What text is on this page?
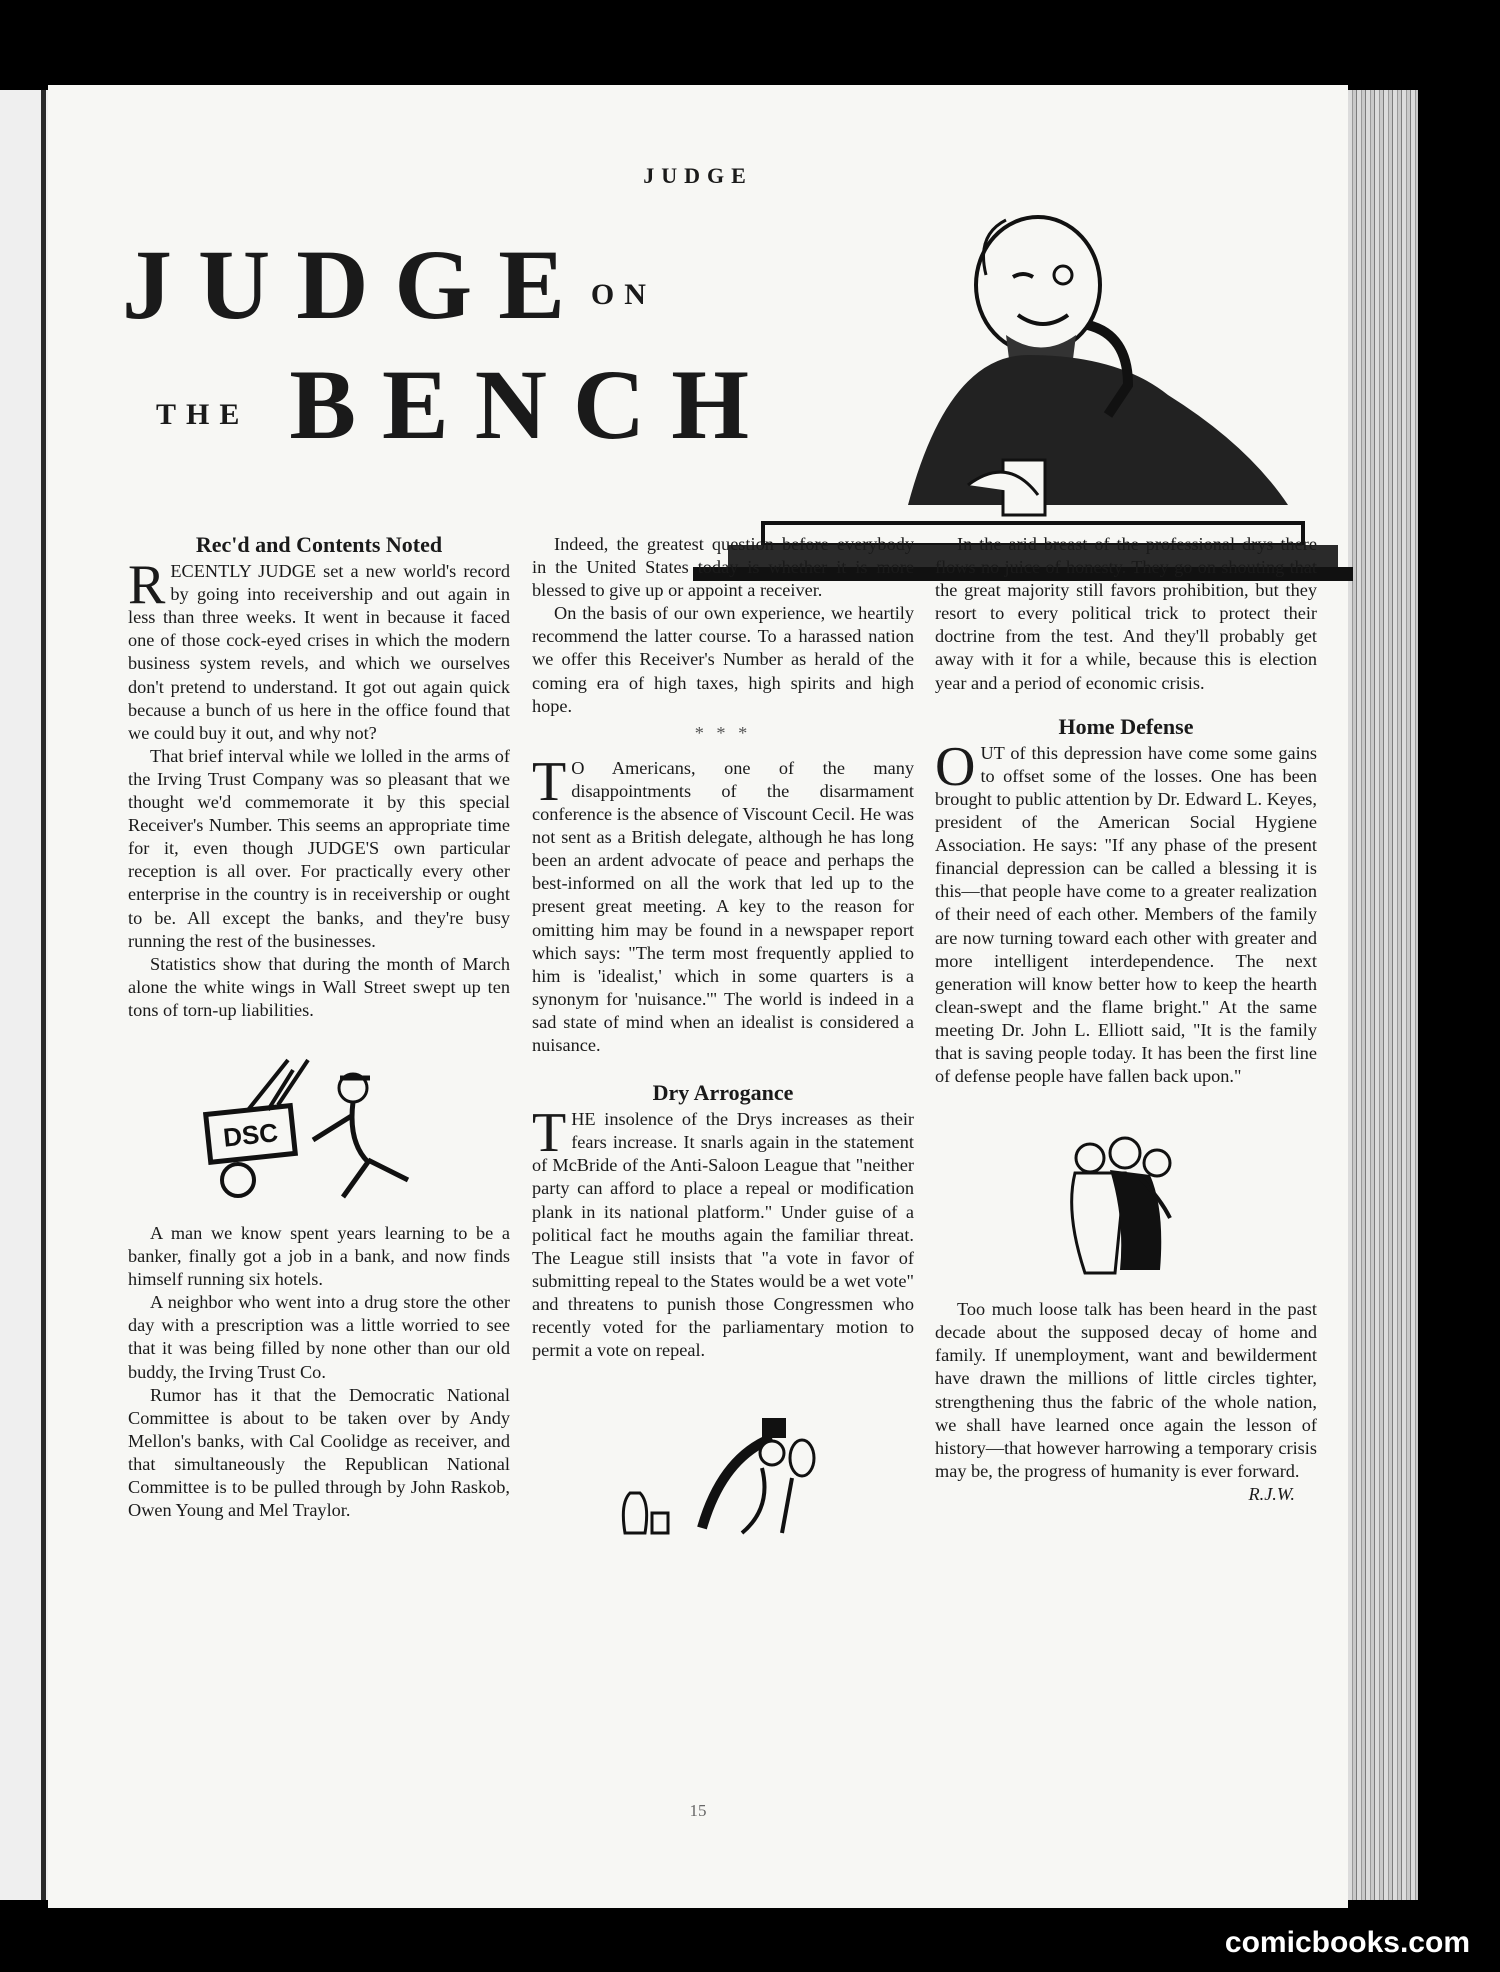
JUDGE
JUDGEON
THE BENCH
Rec'd and Contents Noted

RECENTLY JUDGE set a new world's record by going into receivership and out again in less than three weeks. It went in because it faced one of those cock-eyed crises in which the modern business system revels, and which we ourselves don't pretend to understand. It got out again quick because a bunch of us here in the office found that we could buy it out, and why not?

That brief interval while we lolled in the arms of the Irving Trust Company was so pleasant that we thought we'd commemorate it by this special Receiver's Number. This seems an appropriate time for it, even though JUDGE'S own particular reception is all over. For practically every other enterprise in the country is in receivership or ought to be. All except the banks, and they're busy running the rest of the businesses.

Statistics show that during the month of March alone the white wings in Wall Street swept up ten tons of torn-up liabilities.

DSC

A man we know spent years learning to be a banker, finally got a job in a bank, and now finds himself running six hotels.

A neighbor who went into a drug store the other day with a prescription was a little worried to see that it was being filled by none other than our old buddy, the Irving Trust Co.

Rumor has it that the Democratic National Committee is about to be taken over by Andy Mellon's banks, with Cal Coolidge as receiver, and that simultaneously the Republican National Committee is to be pulled through by John Raskob, Owen Young and Mel Traylor.

Indeed, the greatest question before everybody in the United States today is whether it is more blessed to give up or appoint a receiver.

On the basis of our own experience, we heartily recommend the latter course. To a harassed nation we offer this Receiver's Number as herald of the coming era of high taxes, high spirits and high hope.

* * *

T O Americans, one of the many disappointments of the disarmament conference is the absence of Viscount Cecil. He was not sent as a British delegate, although he has long been an ardent advocate of peace and perhaps the best-informed on all the work that led up to the present great meeting. A key to the reason for omitting him may be found in a newspaper report which says: "The term most frequently applied to him is 'idealist,' which in some quarters is a synonym for 'nuisance.'" The world is indeed in a sad state of mind when an idealist is considered a nuisance.

Dry Arrogance

THE insolence of the Drys increases as their fears increase. It snarls again in the statement of McBride of the Anti-Saloon League that "neither party can afford to place a repeal or modification plank in its national platform." Under guise of a political fact he mouths again the familiar threat. The League still insists that "a vote in favor of submitting repeal to the States would be a wet vote" and threatens to punish those Congressmen who recently voted for the parliamentary motion to permit a vote on repeal.

In the arid breast of the professional drys there flows no juice of honesty. They go on shouting that the great majority still favors prohibition, but they resort to every political trick to protect their doctrine from the test. And they'll probably get away with it for a while, because this is election year and a period of economic crisis.

Home Defense

OUT of this depression have come some gains to offset some of the losses. One has been brought to public attention by Dr. Edward L. Keyes, president of the American Social Hygiene Association. He says: "If any phase of the present financial depression can be called a blessing it is this—that people have come to a greater realization of their need of each other. Members of the family are now turning toward each other with greater and more intelligent interdependence. The next generation will know better how to keep the hearth clean-swept and the flame bright." At the same meeting Dr. John L. Elliott said, "It is the family that is saving people today. It has been the first line of defense people have fallen back upon."

Too much loose talk has been heard in the past decade about the supposed decay of home and family. If unemployment, want and bewilderment have drawn the millions of little circles tighter, strengthening thus the fabric of the whole nation, we shall have learned once again the lesson of history—that however harrowing a temporary crisis may be, the progress of humanity is ever forward.
R.J.W.

15
comicbooks.com
